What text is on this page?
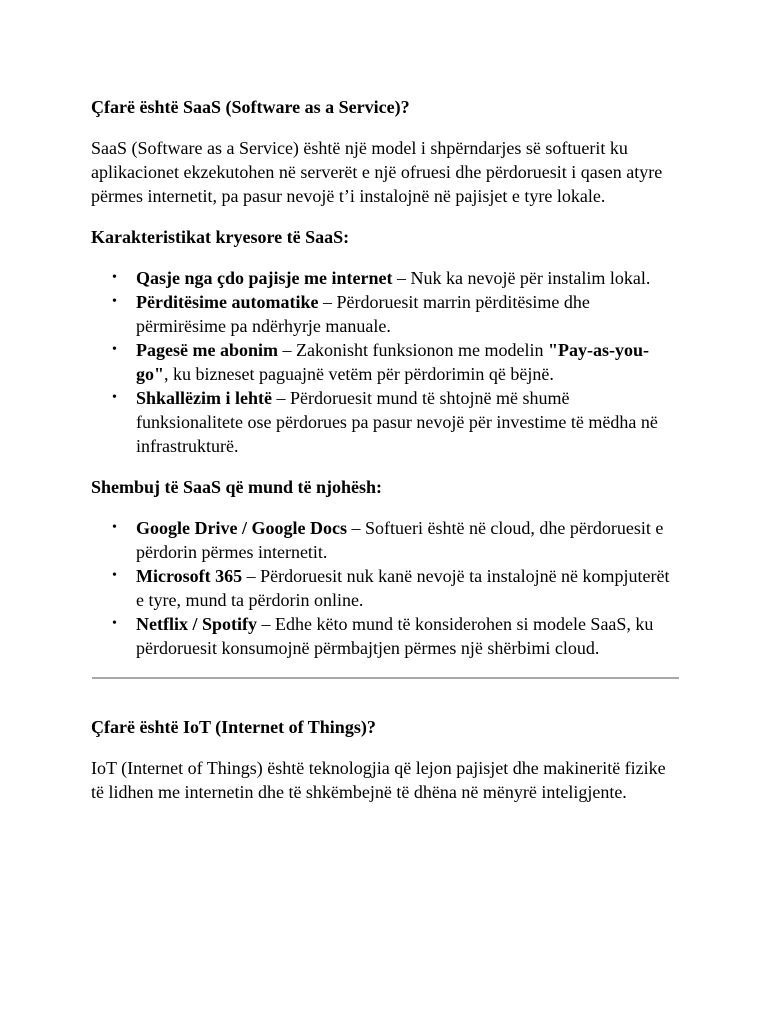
Çfarë është SaaS (Software as a Service)?

SaaS (Software as a Service) është një model i shpërndarjes së softuerit ku aplikacionet ekzekutohen në serverët e një ofruesi dhe përdoruesit i qasen atyre përmes internetit, pa pasur nevojë t’i instalojnë në pajisjet e tyre lokale.

Karakteristikat kryesore të SaaS:
• Qasje nga çdo pajisje me internet – Nuk ka nevojë për instalim lokal.
• Përditësime automatike – Përdoruesit marrin përditësime dhe përmirësime pa ndërhyrje manuale.
• Pagesë me abonim – Zakonisht funksionon me modelin "Pay-as-you-go", ku bizneset paguajnë vetëm për përdorimin që bëjnë.
• Shkallëzim i lehtë – Përdoruesit mund të shtojnë më shumë funksionalitete ose përdorues pa pasur nevojë për investime të mëdha në infrastrukturë.
Shembuj të SaaS që mund të njohësh:
• Google Drive / Google Docs – Softueri është në cloud, dhe përdoruesit e përdorin përmes internetit.
• Microsoft 365 – Përdoruesit nuk kanë nevojë ta instalojnë në kompjuterët e tyre, mund ta përdorin online.
• Netflix / Spotify – Edhe këto mund të konsiderohen si modele SaaS, ku përdoruesit konsumojnë përmbajtjen përmes një shërbimi cloud.
Çfarë është IoT (Internet of Things)?

IoT (Internet of Things) është teknologjia që lejon pajisjet dhe makineritë fizike të lidhen me internetin dhe të shkëmbejnë të dhëna në mënyrë inteligjente.
